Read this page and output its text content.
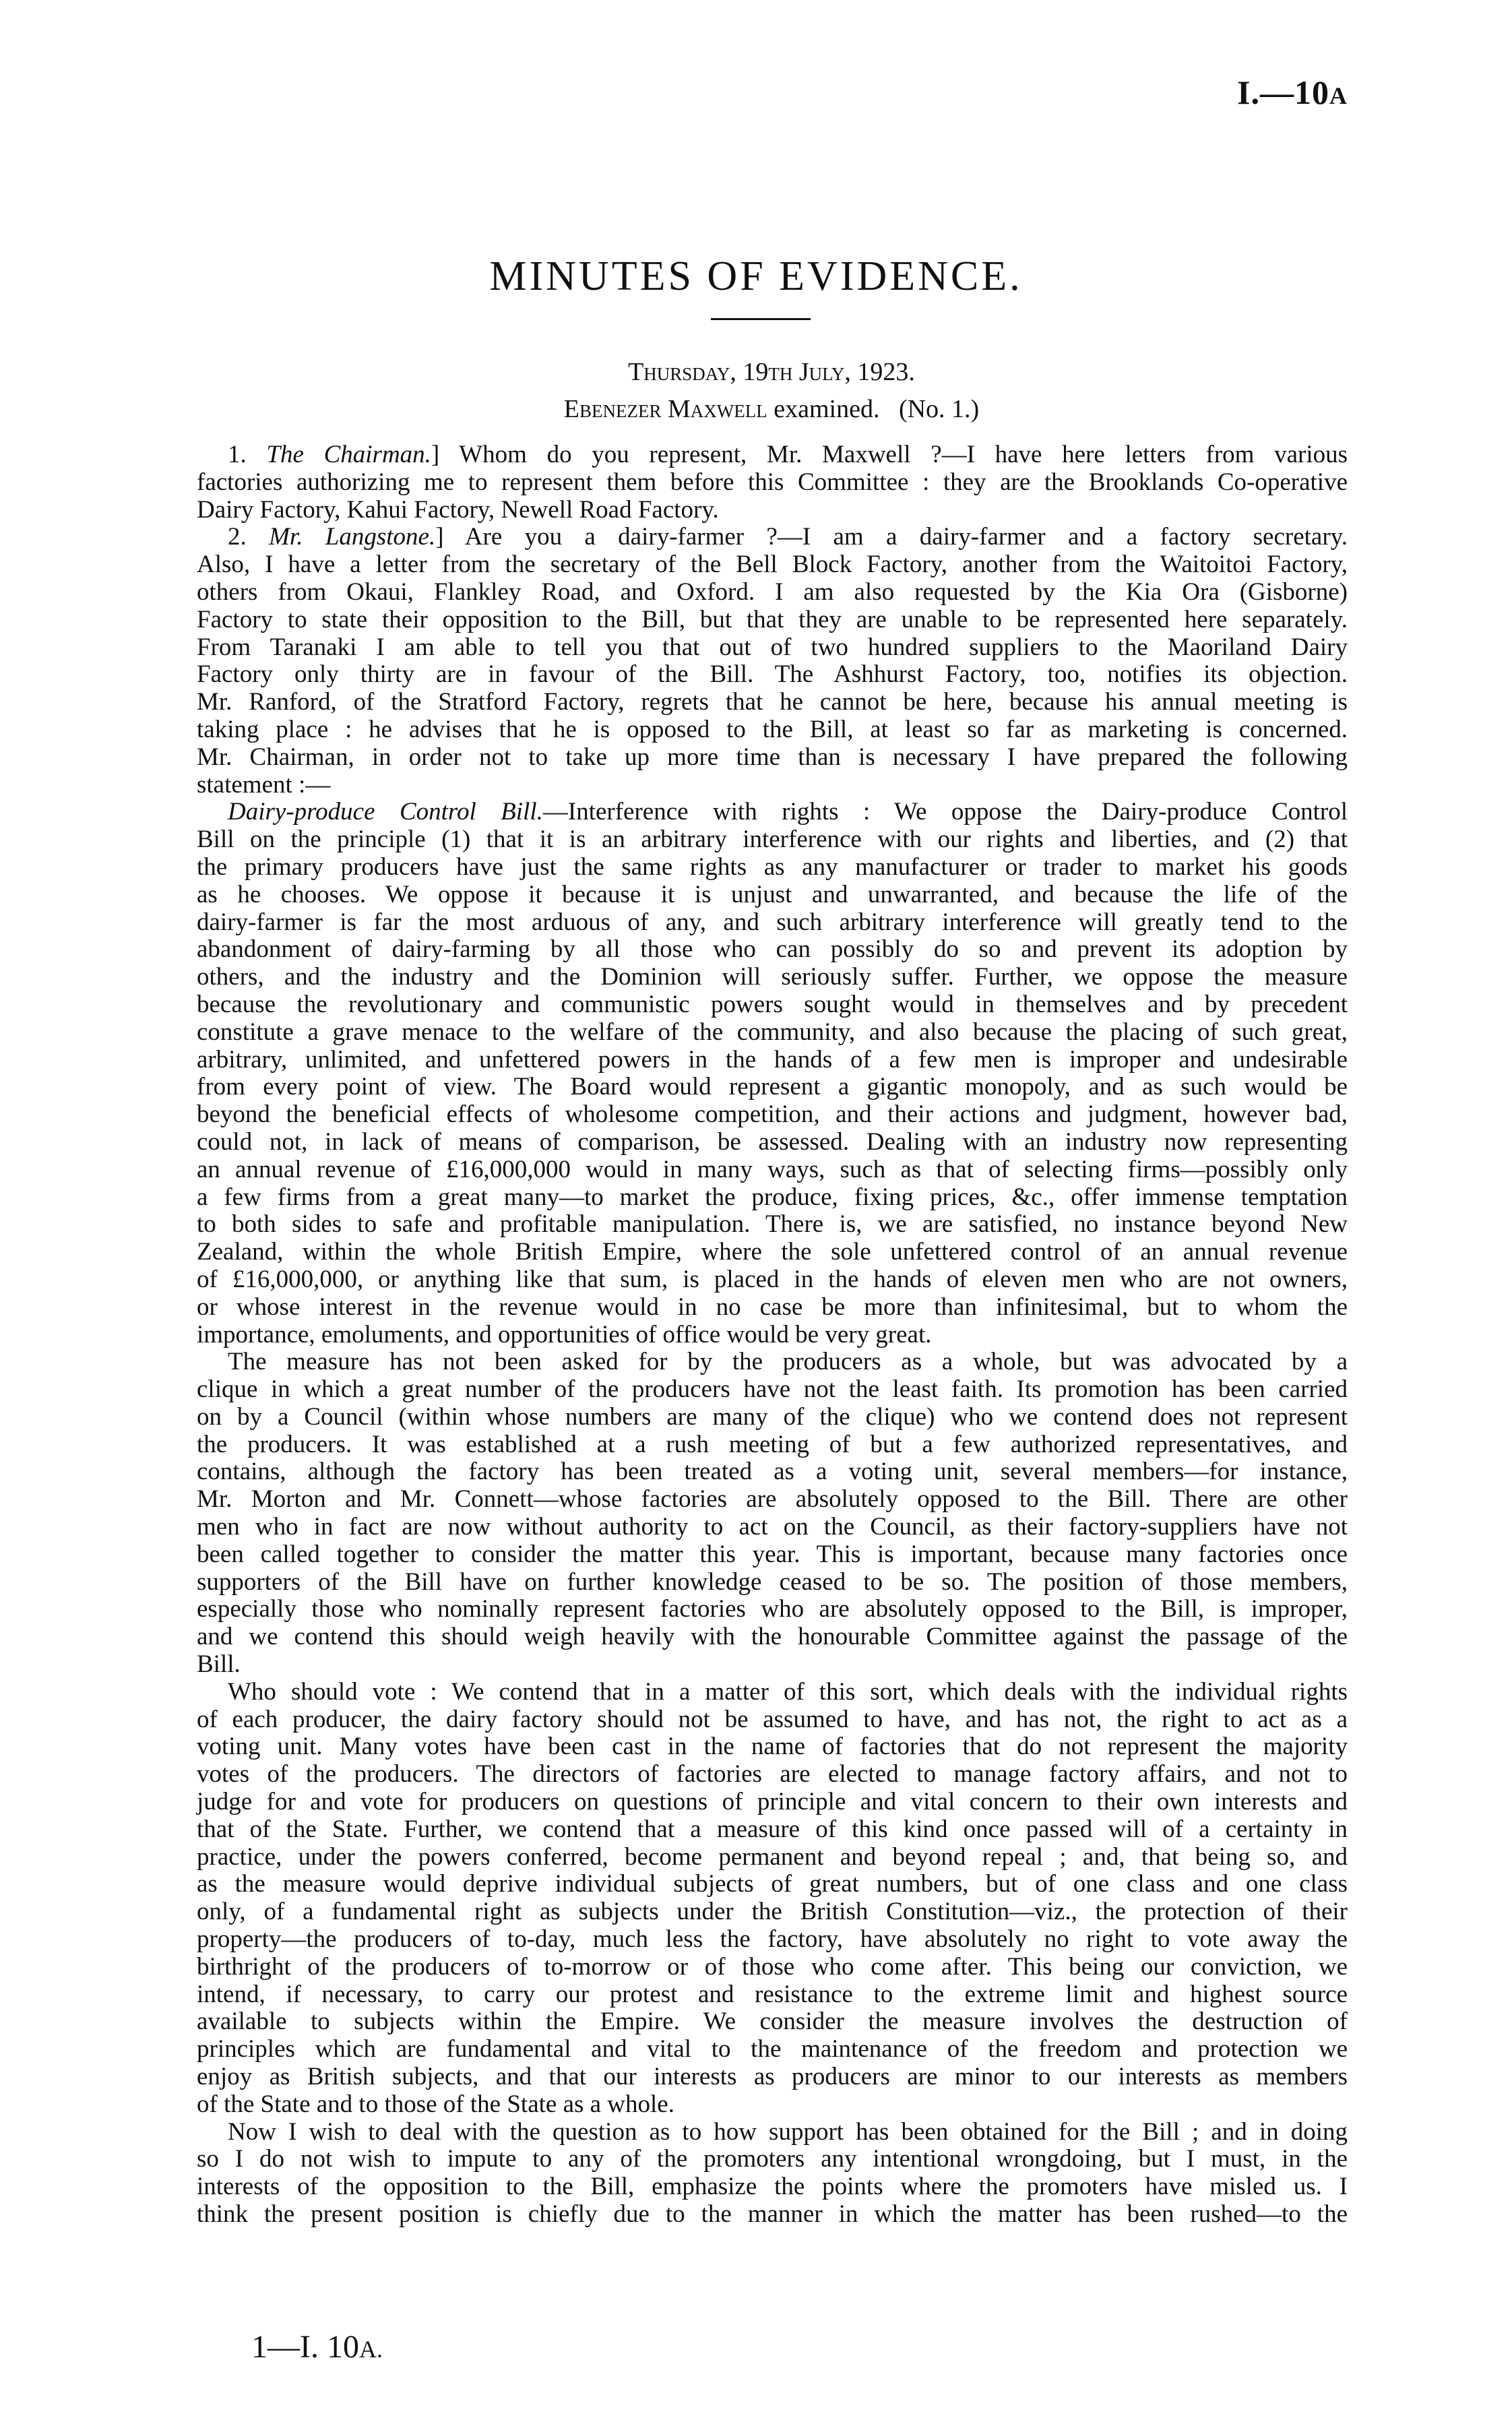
I.—10A
MINUTES OF EVIDENCE.
Thursday, 19th July, 1923.
Ebenezer Maxwell examined.   (No. 1.)
1. The Chairman.] Whom do you represent, Mr. Maxwell ?—I have here letters from various
factories authorizing me to represent them before this Committee : they are the Brooklands Co-operative
Dairy Factory, Kahui Factory, Newell Road Factory.
2. Mr. Langstone.] Are you a dairy-farmer ?—I am a dairy-farmer and a factory secretary.
Also, I have a letter from the secretary of the Bell Block Factory, another from the Waitoitoi Factory,
others from Okaui, Flankley Road, and Oxford. I am also requested by the Kia Ora (Gisborne)
Factory to state their opposition to the Bill, but that they are unable to be represented here separately.
From Taranaki I am able to tell you that out of two hundred suppliers to the Maoriland Dairy
Factory only thirty are in favour of the Bill. The Ashhurst Factory, too, notifies its objection.
Mr. Ranford, of the Stratford Factory, regrets that he cannot be here, because his annual meeting is
taking place : he advises that he is opposed to the Bill, at least so far as marketing is concerned.
Mr. Chairman, in order not to take up more time than is necessary I have prepared the following
statement :—
Dairy-produce Control Bill.—Interference with rights : We oppose the Dairy-produce Control
Bill on the principle (1) that it is an arbitrary interference with our rights and liberties, and (2) that
the primary producers have just the same rights as any manufacturer or trader to market his goods
as he chooses. We oppose it because it is unjust and unwarranted, and because the life of the
dairy-farmer is far the most arduous of any, and such arbitrary interference will greatly tend to the
abandonment of dairy-farming by all those who can possibly do so and prevent its adoption by
others, and the industry and the Dominion will seriously suffer. Further, we oppose the measure
because the revolutionary and communistic powers sought would in themselves and by precedent
constitute a grave menace to the welfare of the community, and also because the placing of such great,
arbitrary, unlimited, and unfettered powers in the hands of a few men is improper and undesirable
from every point of view. The Board would represent a gigantic monopoly, and as such would be
beyond the beneficial effects of wholesome competition, and their actions and judgment, however bad,
could not, in lack of means of comparison, be assessed. Dealing with an industry now representing
an annual revenue of £16,000,000 would in many ways, such as that of selecting firms—possibly only
a few firms from a great many—to market the produce, fixing prices, &c., offer immense temptation
to both sides to safe and profitable manipulation. There is, we are satisfied, no instance beyond New
Zealand, within the whole British Empire, where the sole unfettered control of an annual revenue
of £16,000,000, or anything like that sum, is placed in the hands of eleven men who are not owners,
or whose interest in the revenue would in no case be more than infinitesimal, but to whom the
importance, emoluments, and opportunities of office would be very great.
The measure has not been asked for by the producers as a whole, but was advocated by a
clique in which a great number of the producers have not the least faith. Its promotion has been carried
on by a Council (within whose numbers are many of the clique) who we contend does not represent
the producers. It was established at a rush meeting of but a few authorized representatives, and
contains, although the factory has been treated as a voting unit, several members—for instance,
Mr. Morton and Mr. Connett—whose factories are absolutely opposed to the Bill. There are other
men who in fact are now without authority to act on the Council, as their factory-suppliers have not
been called together to consider the matter this year. This is important, because many factories once
supporters of the Bill have on further knowledge ceased to be so. The position of those members,
especially those who nominally represent factories who are absolutely opposed to the Bill, is improper,
and we contend this should weigh heavily with the honourable Committee against the passage of the
Bill.
Who should vote : We contend that in a matter of this sort, which deals with the individual rights
of each producer, the dairy factory should not be assumed to have, and has not, the right to act as a
voting unit. Many votes have been cast in the name of factories that do not represent the majority
votes of the producers. The directors of factories are elected to manage factory affairs, and not to
judge for and vote for producers on questions of principle and vital concern to their own interests and
that of the State. Further, we contend that a measure of this kind once passed will of a certainty in
practice, under the powers conferred, become permanent and beyond repeal ; and, that being so, and
as the measure would deprive individual subjects of great numbers, but of one class and one class
only, of a fundamental right as subjects under the British Constitution—viz., the protection of their
property—the producers of to-day, much less the factory, have absolutely no right to vote away the
birthright of the producers of to-morrow or of those who come after. This being our conviction, we
intend, if necessary, to carry our protest and resistance to the extreme limit and highest source
available to subjects within the Empire. We consider the measure involves the destruction of
principles which are fundamental and vital to the maintenance of the freedom and protection we
enjoy as British subjects, and that our interests as producers are minor to our interests as members
of the State and to those of the State as a whole.
Now I wish to deal with the question as to how support has been obtained for the Bill ; and in doing
so I do not wish to impute to any of the promoters any intentional wrongdoing, but I must, in the
interests of the opposition to the Bill, emphasize the points where the promoters have misled us. I
think the present position is chiefly due to the manner in which the matter has been rushed—to the
1—I. 10A.
